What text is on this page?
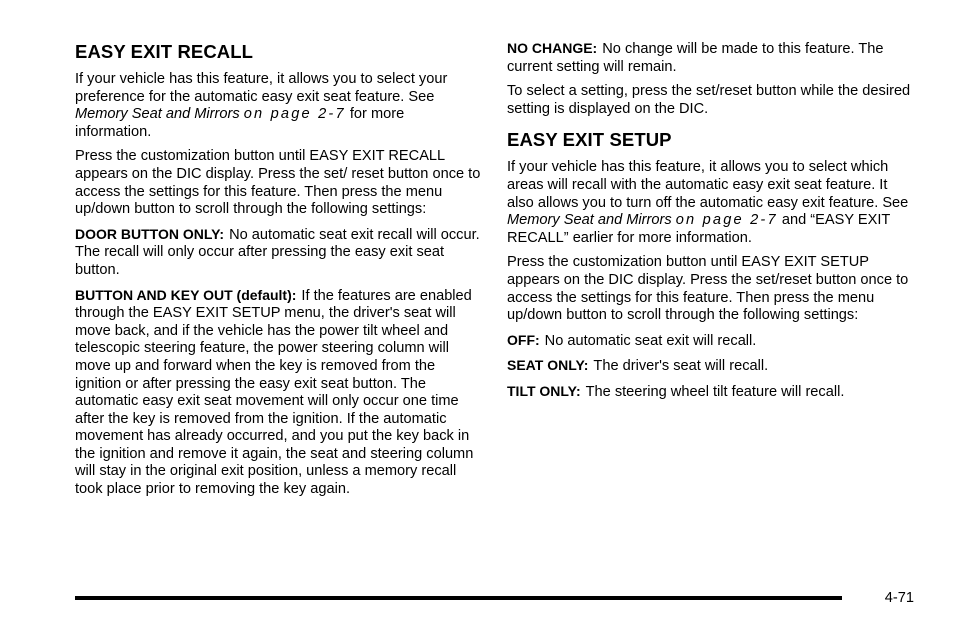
EASY EXIT RECALL

If your vehicle has this feature, it allows you to select your preference for the automatic easy exit seat feature. See Memory Seat and Mirrors on page 2-7 for more information.

Press the customization button until EASY EXIT RECALL appears on the DIC display. Press the set/ reset button once to access the settings for this feature. Then press the menu up/down button to scroll through the following settings:

DOOR BUTTON ONLY: No automatic seat exit recall will occur. The recall will only occur after pressing the easy exit seat button.

BUTTON AND KEY OUT (default): If the features are enabled through the EASY EXIT SETUP menu, the driver's seat will move back, and if the vehicle has the power tilt wheel and telescopic steering feature, the power steering column will move up and forward when the key is removed from the ignition or after pressing the easy exit seat button. The automatic easy exit seat movement will only occur one time after the key is removed from the ignition. If the automatic movement has already occurred, and you put the key back in the ignition and remove it again, the seat and steering column will stay in the original exit position, unless a memory recall took place prior to removing the key again.

NO CHANGE: No change will be made to this feature. The current setting will remain.

To select a setting, press the set/reset button while the desired setting is displayed on the DIC.

EASY EXIT SETUP

If your vehicle has this feature, it allows you to select which areas will recall with the automatic easy exit seat feature. It also allows you to turn off the automatic easy exit feature. See Memory Seat and Mirrors on page 2-7 and “EASY EXIT RECALL” earlier for more information.

Press the customization button until EASY EXIT SETUP appears on the DIC display. Press the set/reset button once to access the settings for this feature. Then press the menu up/down button to scroll through the following settings:

OFF: No automatic seat exit will recall.

SEAT ONLY: The driver's seat will recall.

TILT ONLY: The steering wheel tilt feature will recall.

4-71
